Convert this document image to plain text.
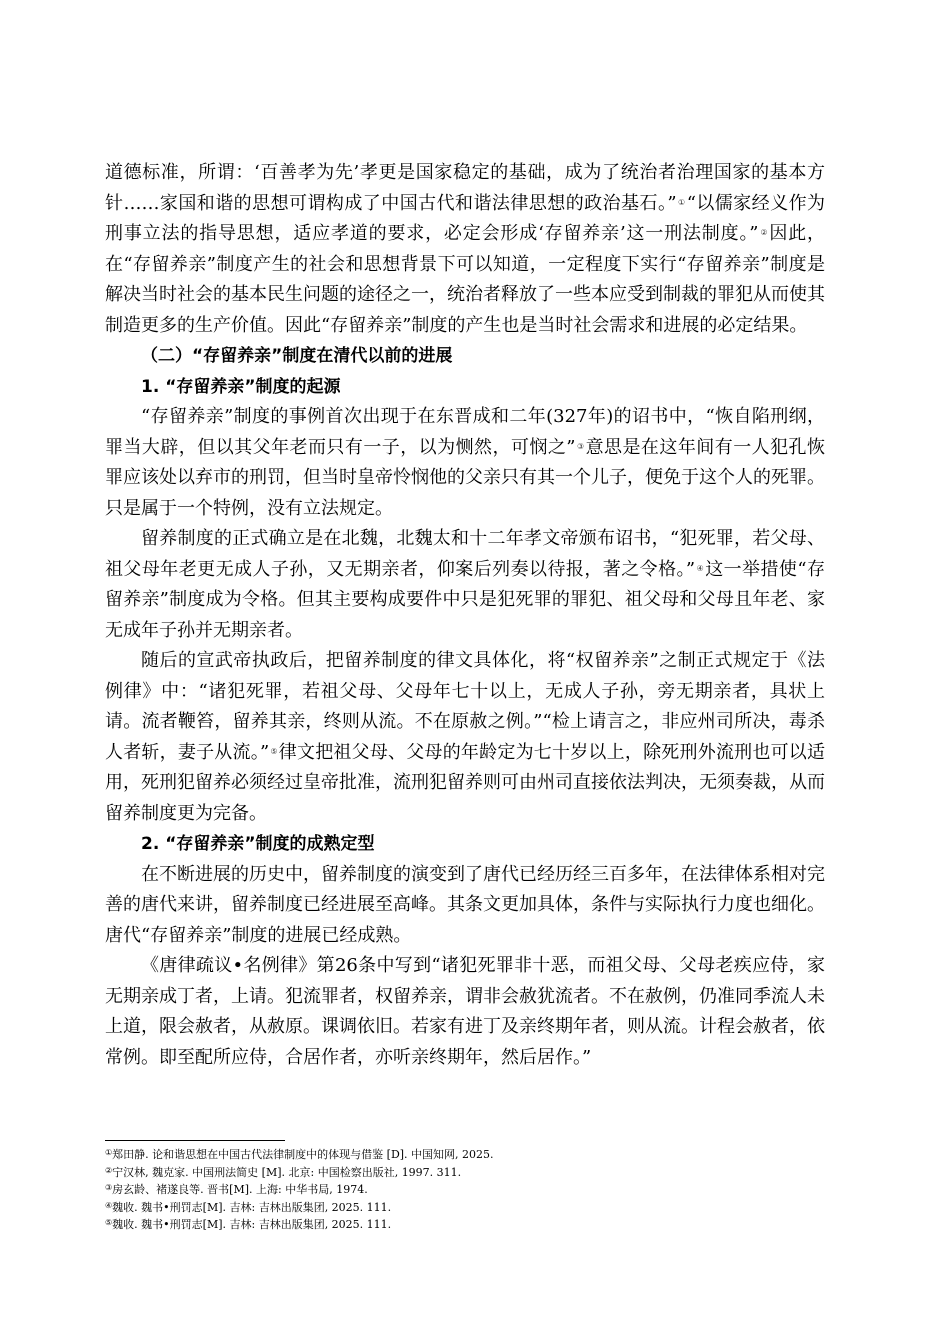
道德标准，所谓：‘百善孝为先’孝更是国家稳定的基础，成为了统治者治理国家的基本方针……家国和谐的思想可谓构成了中国古代和谐法律思想的政治基石。”①“以儒家经义作为刑事立法的指导思想，适应孝道的要求，必定会形成‘存留养亲’这一刑法制度。”②因此，在“存留养亲”制度产生的社会和思想背景下可以知道，一定程度下实行“存留养亲”制度是解决当时社会的基本民生问题的途径之一，统治者释放了一些本应受到制裁的罪犯从而使其制造更多的生产价值。因此“存留养亲”制度的产生也是当时社会需求和进展的必定结果。

（二）“存留养亲”制度在清代以前的进展

1. “存留养亲”制度的起源

“存留养亲”制度的事例首次出现于在东晋成和二年(327年)的诏书中，“恢自陷刑纲，罪当大辟，但以其父年老而只有一子，以为恻然，可悯之”③意思是在这年间有一人犯孔恢罪应该处以弃市的刑罚，但当时皇帝怜悯他的父亲只有其一个儿子，便免于这个人的死罪。只是属于一个特例，没有立法规定。

留养制度的正式确立是在北魏，北魏太和十二年孝文帝颁布诏书，“犯死罪，若父母、祖父母年老更无成人子孙，又无期亲者，仰案后列奏以待报，著之令格。”④这一举措使“存留养亲”制度成为令格。但其主要构成要件中只是犯死罪的罪犯、祖父母和父母且年老、家无成年子孙并无期亲者。

随后的宣武帝执政后，把留养制度的律文具体化，将“权留养亲”之制正式规定于《法例律》中：“诸犯死罪，若祖父母、父母年七十以上，无成人子孙，旁无期亲者，具状上请。流者鞭笞，留养其亲，终则从流。不在原赦之例。”“检上请言之，非应州司所决，毒杀人者斩，妻子从流。”⑤律文把祖父母、父母的年龄定为七十岁以上，除死刑外流刑也可以适用，死刑犯留养必须经过皇帝批准，流刑犯留养则可由州司直接依法判决，无须奏裁，从而留养制度更为完备。

2. “存留养亲”制度的成熟定型

在不断进展的历史中，留养制度的演变到了唐代已经历经三百多年，在法律体系相对完善的唐代来讲，留养制度已经进展至高峰。其条文更加具体，条件与实际执行力度也细化。唐代“存留养亲”制度的进展已经成熟。

《唐律疏议•名例律》第26条中写到“诸犯死罪非十恶，而祖父母、父母老疾应侍，家无期亲成丁者，上请。犯流罪者，权留养亲，谓非会赦犹流者。不在赦例，仍准同季流人未上道，限会赦者，从赦原。课调依旧。若家有进丁及亲终期年者，则从流。计程会赦者，依常例。即至配所应侍，合居作者，亦听亲终期年，然后居作。”

①郑田静. 论和谐思想在中国古代法律制度中的体现与借鉴 [D]. 中国知网, 2025.
②宁汉林, 魏克家. 中国刑法简史 [M]. 北京: 中国检察出版社, 1997. 311.
③房玄龄、褚遂良等. 晋书[M]. 上海: 中华书局, 1974.
④魏收. 魏书•刑罚志[M]. 吉林: 吉林出版集团, 2025. 111.
⑤魏收. 魏书•刑罚志[M]. 吉林: 吉林出版集团, 2025. 111.
